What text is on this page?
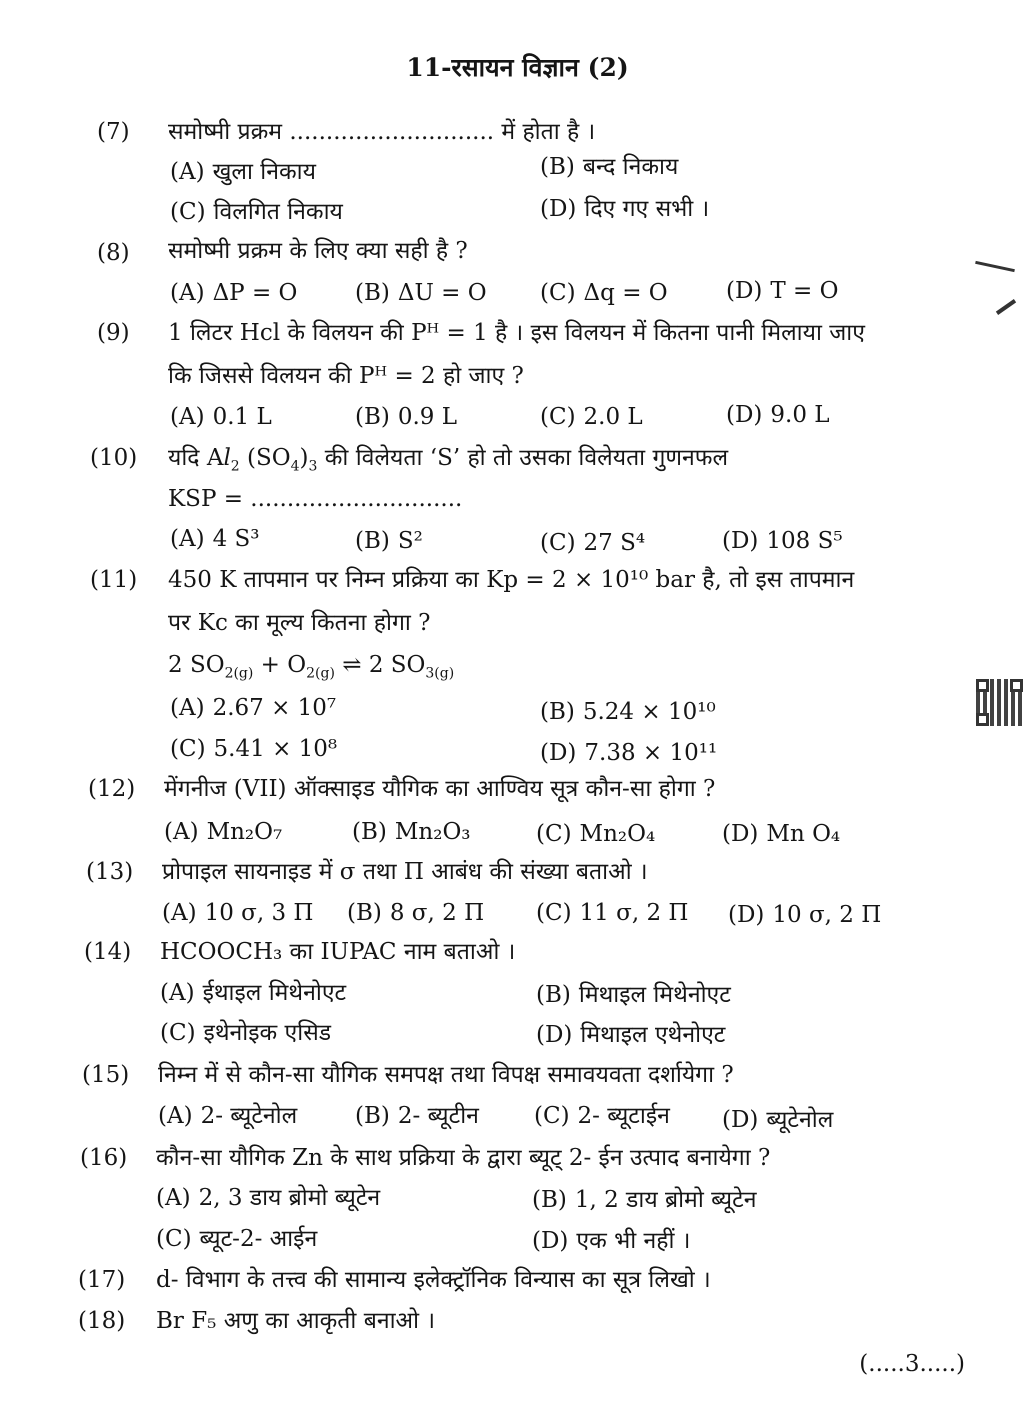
11-रसायन विज्ञान (2)
(7) समोष्मी प्रक्रम ............................ में होता है ।
(A) खुला निकाय	(B) बन्द निकाय
(C) विलगित निकाय	(D) दिए गए सभी ।
(8) समोष्मी प्रक्रम के लिए क्या सही है ?
(A) ΔP = O	(B) ΔU = O (C) Δq = O	(D) T = O
(9) 1 लिटर Hcl के विलयन की Pᴴ = 1 है । इस विलयन में कितना पानी मिलाया जाए
कि जिससे विलयन की Pᴴ = 2 हो जाए ?
(A) 0.1 L	(B) 0.9 L	(C) 2.0 L	(D) 9.0 L
(10) यदि $Al_2$ $(SO_4)_3$ की विलेयता ‘S’ हो तो उसका विलेयता गुणनफल
KSP = .............................
(A) 4 S³	(B) S²	(C) 27 S⁴	(D) 108 S⁵
(11) 450 K तापमान पर निम्न प्रक्रिया का Kp = 2 × 10¹⁰ bar है, तो इस तापमान
पर Kc का मूल्य कितना होगा ?
2 $SO_{2(g)} + O_{2(g)}$ ⇌ 2 $SO_{3(g)}$
(A) 2.67 × 10⁷	(B) 5.24 × 10¹⁰
(C) 5.41 × 10⁸	(D) 7.38 × 10¹¹
(12) मेंगनीज (VII) ऑक्साइड यौगिक का आण्विय सूत्र कौन-सा होगा ?
(A) Mn₂O₇	(B) Mn₂O₃	(C) Mn₂O₄	(D) Mn O₄
(13) प्रोपाइल सायनाइड में σ तथा Π आबंध की संख्या बताओ ।
(A) 10 σ, 3 Π (B) 8 σ, 2 Π (C) 11 σ, 2 Π (D) 10 σ, 2 Π
(14) HCOOCH₃ का IUPAC नाम बताओ ।
(A) ईथाइल मिथेनोएट	(B) मिथाइल मिथेनोएट
(C) इथेनोइक एसिड	(D) मिथाइल एथेनोएट
(15) निम्न में से कौन-सा यौगिक समपक्ष तथा विपक्ष समावयवता दर्शायेगा ?
(A) 2- ब्यूटेनोल	(B) 2- ब्यूटीन (C) 2- ब्यूटाईन (D) ब्यूटेनोल
(16) कौन-सा यौगिक Zn के साथ प्रक्रिया के द्वारा ब्यूट् 2- ईन उत्पाद बनायेगा ?
(A) 2, 3 डाय ब्रोमो ब्यूटेन	(B) 1, 2 डाय ब्रोमो ब्यूटेन
(C) ब्यूट-2- आईन	(D) एक भी नहीं ।
(17) d- विभाग के तत्त्व की सामान्य इलेक्ट्रॉनिक विन्यास का सूत्र लिखो ।
(18) Br F₅ अणु का आकृती बनाओ ।
(.....3.....)
